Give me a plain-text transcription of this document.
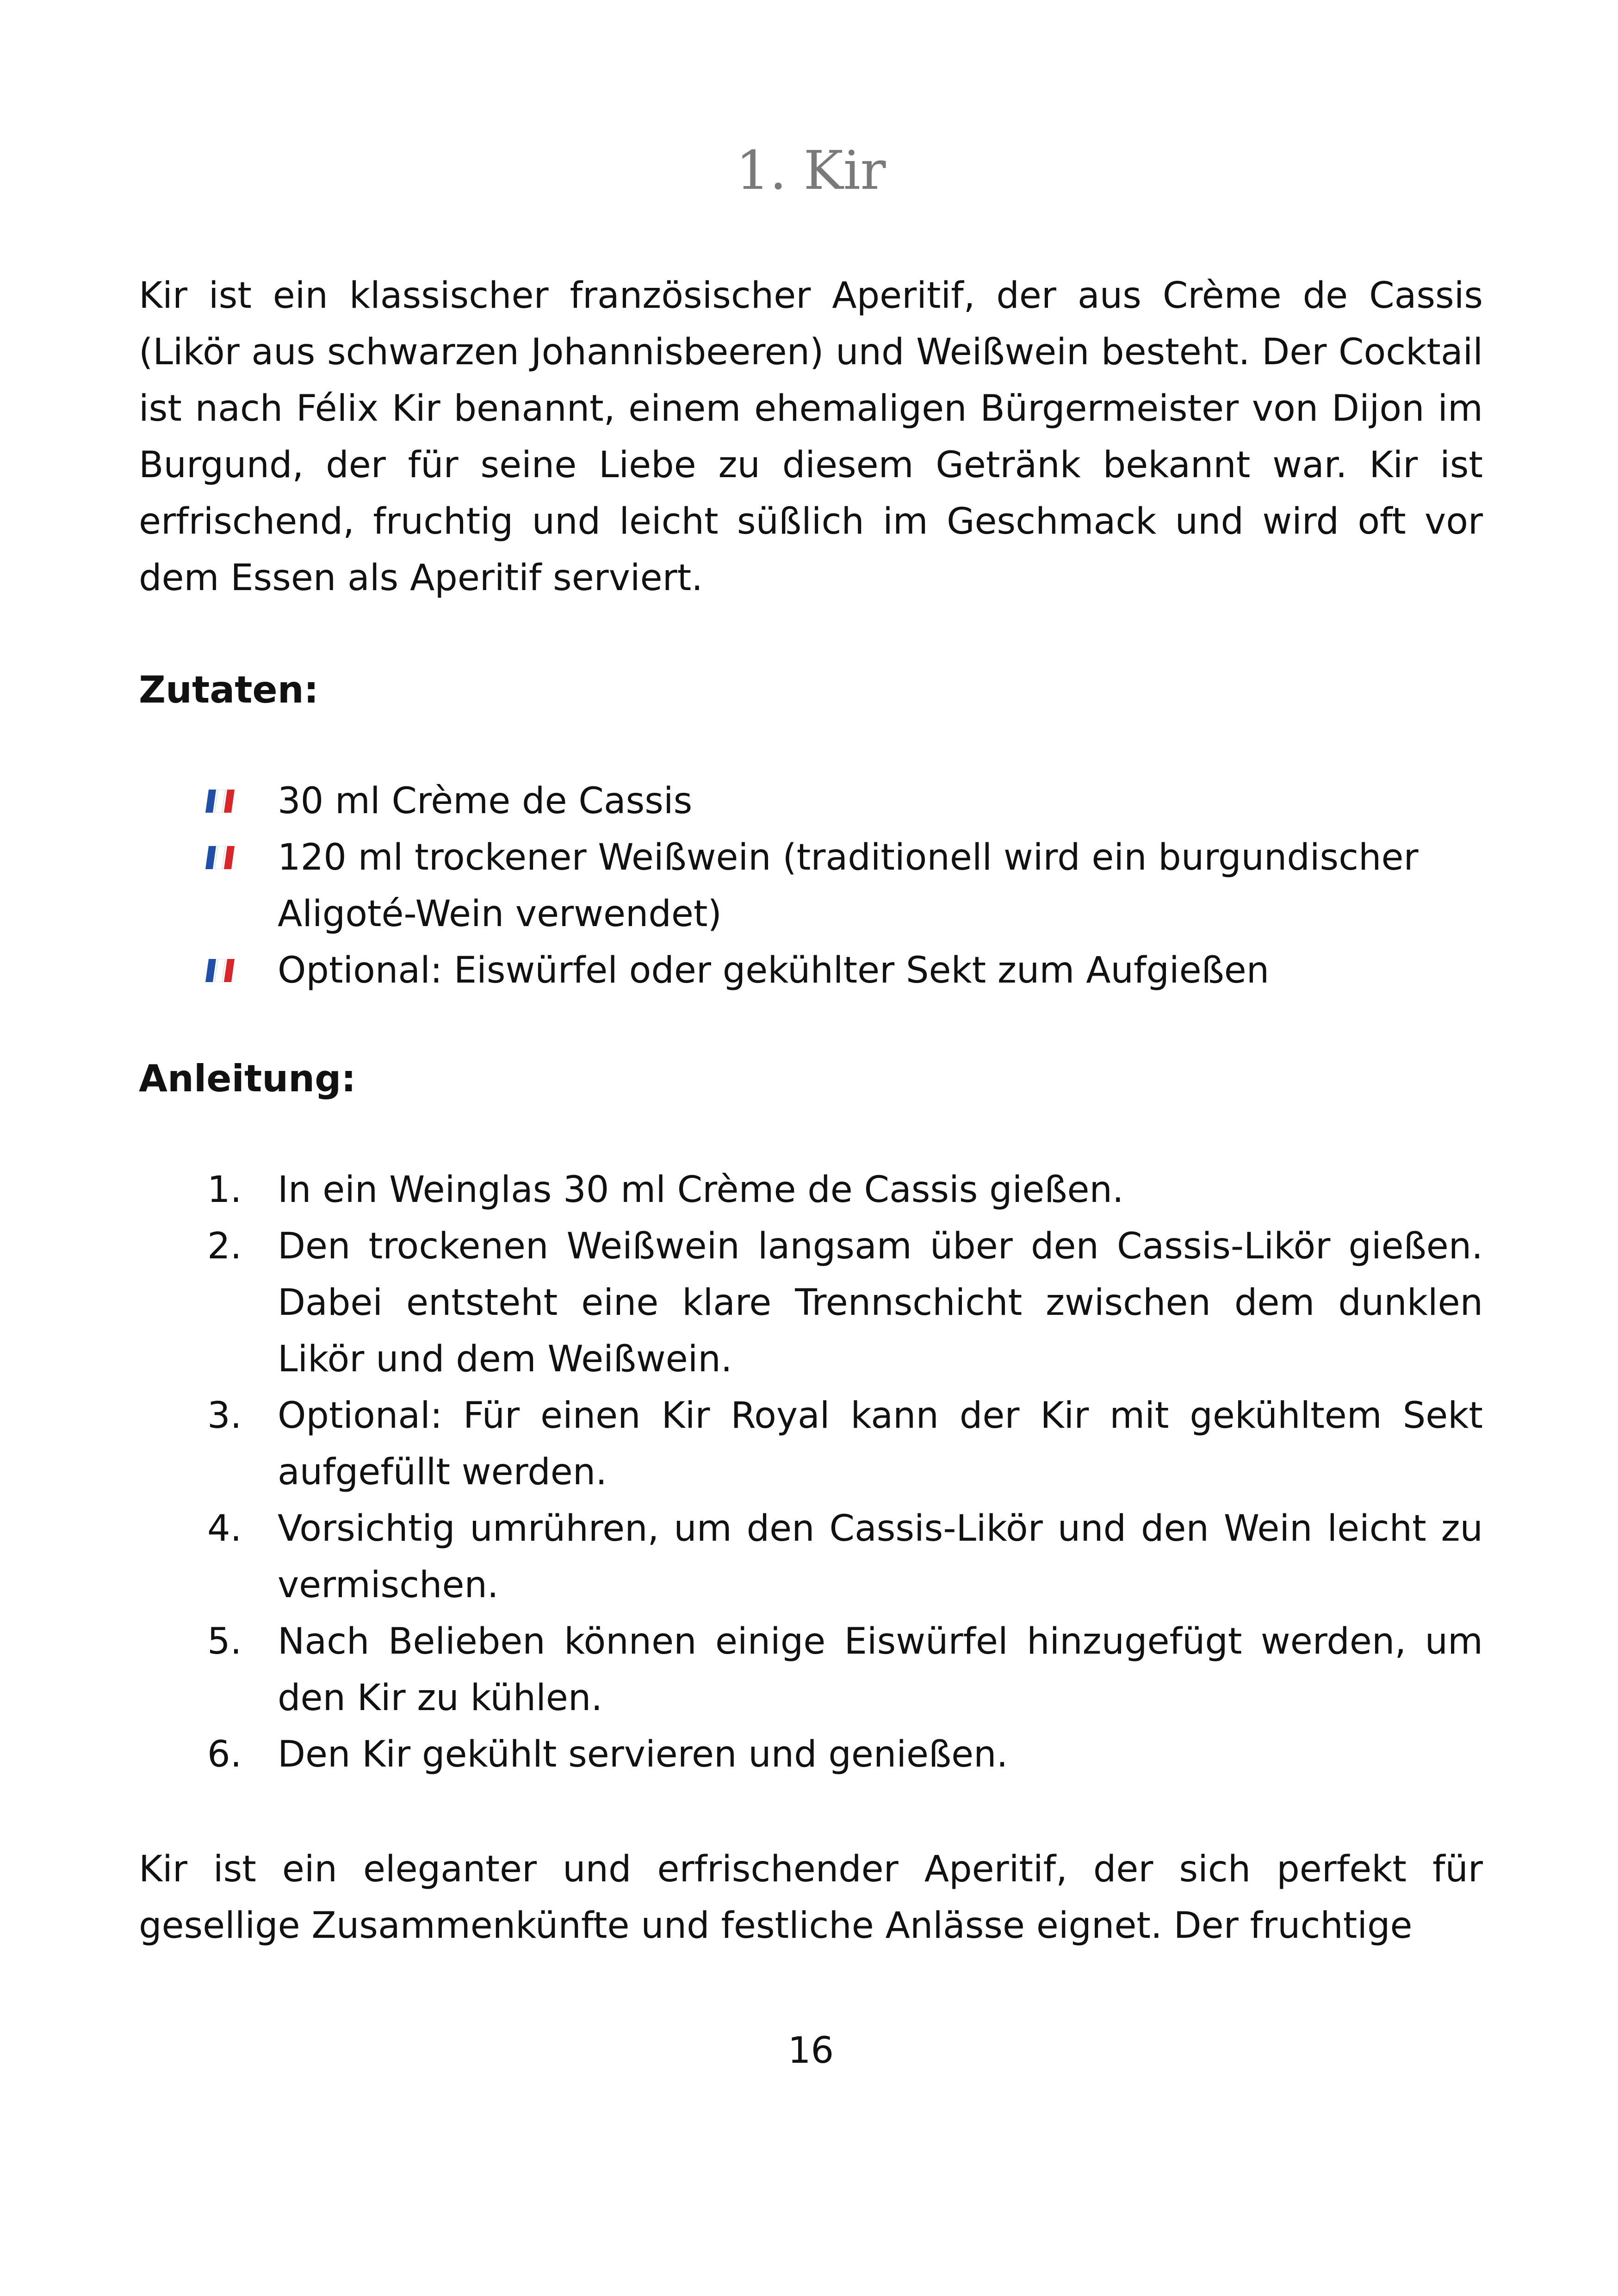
1. Kir

Kir ist ein klassischer französischer Aperitif, der aus Crème de Cassis (Likör aus schwarzen Johannisbeeren) und Weißwein besteht. Der Cocktail ist nach Félix Kir benannt, einem ehemaligen Bürgermeister von Dijon im Burgund, der für seine Liebe zu diesem Getränk bekannt war. Kir ist erfrischend, fruchtig und leicht süßlich im Geschmack und wird oft vor dem Essen als Aperitif serviert.

Zutaten:
30 ml Crème de Cassis
120 ml trockener Weißwein (traditionell wird ein burgundischer Aligoté-Wein verwendet)
Optional: Eiswürfel oder gekühlter Sekt zum Aufgießen
Anleitung:
1. In ein Weinglas 30 ml Crème de Cassis gießen.
2. Den trockenen Weißwein langsam über den Cassis-Likör gießen. Dabei entsteht eine klare Trennschicht zwischen dem dunklen Likör und dem Weißwein.
3. Optional: Für einen Kir Royal kann der Kir mit gekühltem Sekt aufgefüllt werden.
4. Vorsichtig umrühren, um den Cassis-Likör und den Wein leicht zu vermischen.
5. Nach Belieben können einige Eiswürfel hinzugefügt werden, um den Kir zu kühlen.
6. Den Kir gekühlt servieren und genießen.

Kir ist ein eleganter und erfrischender Aperitif, der sich perfekt für gesellige Zusammenkünfte und festliche Anlässe eignet. Der fruchtige

16
